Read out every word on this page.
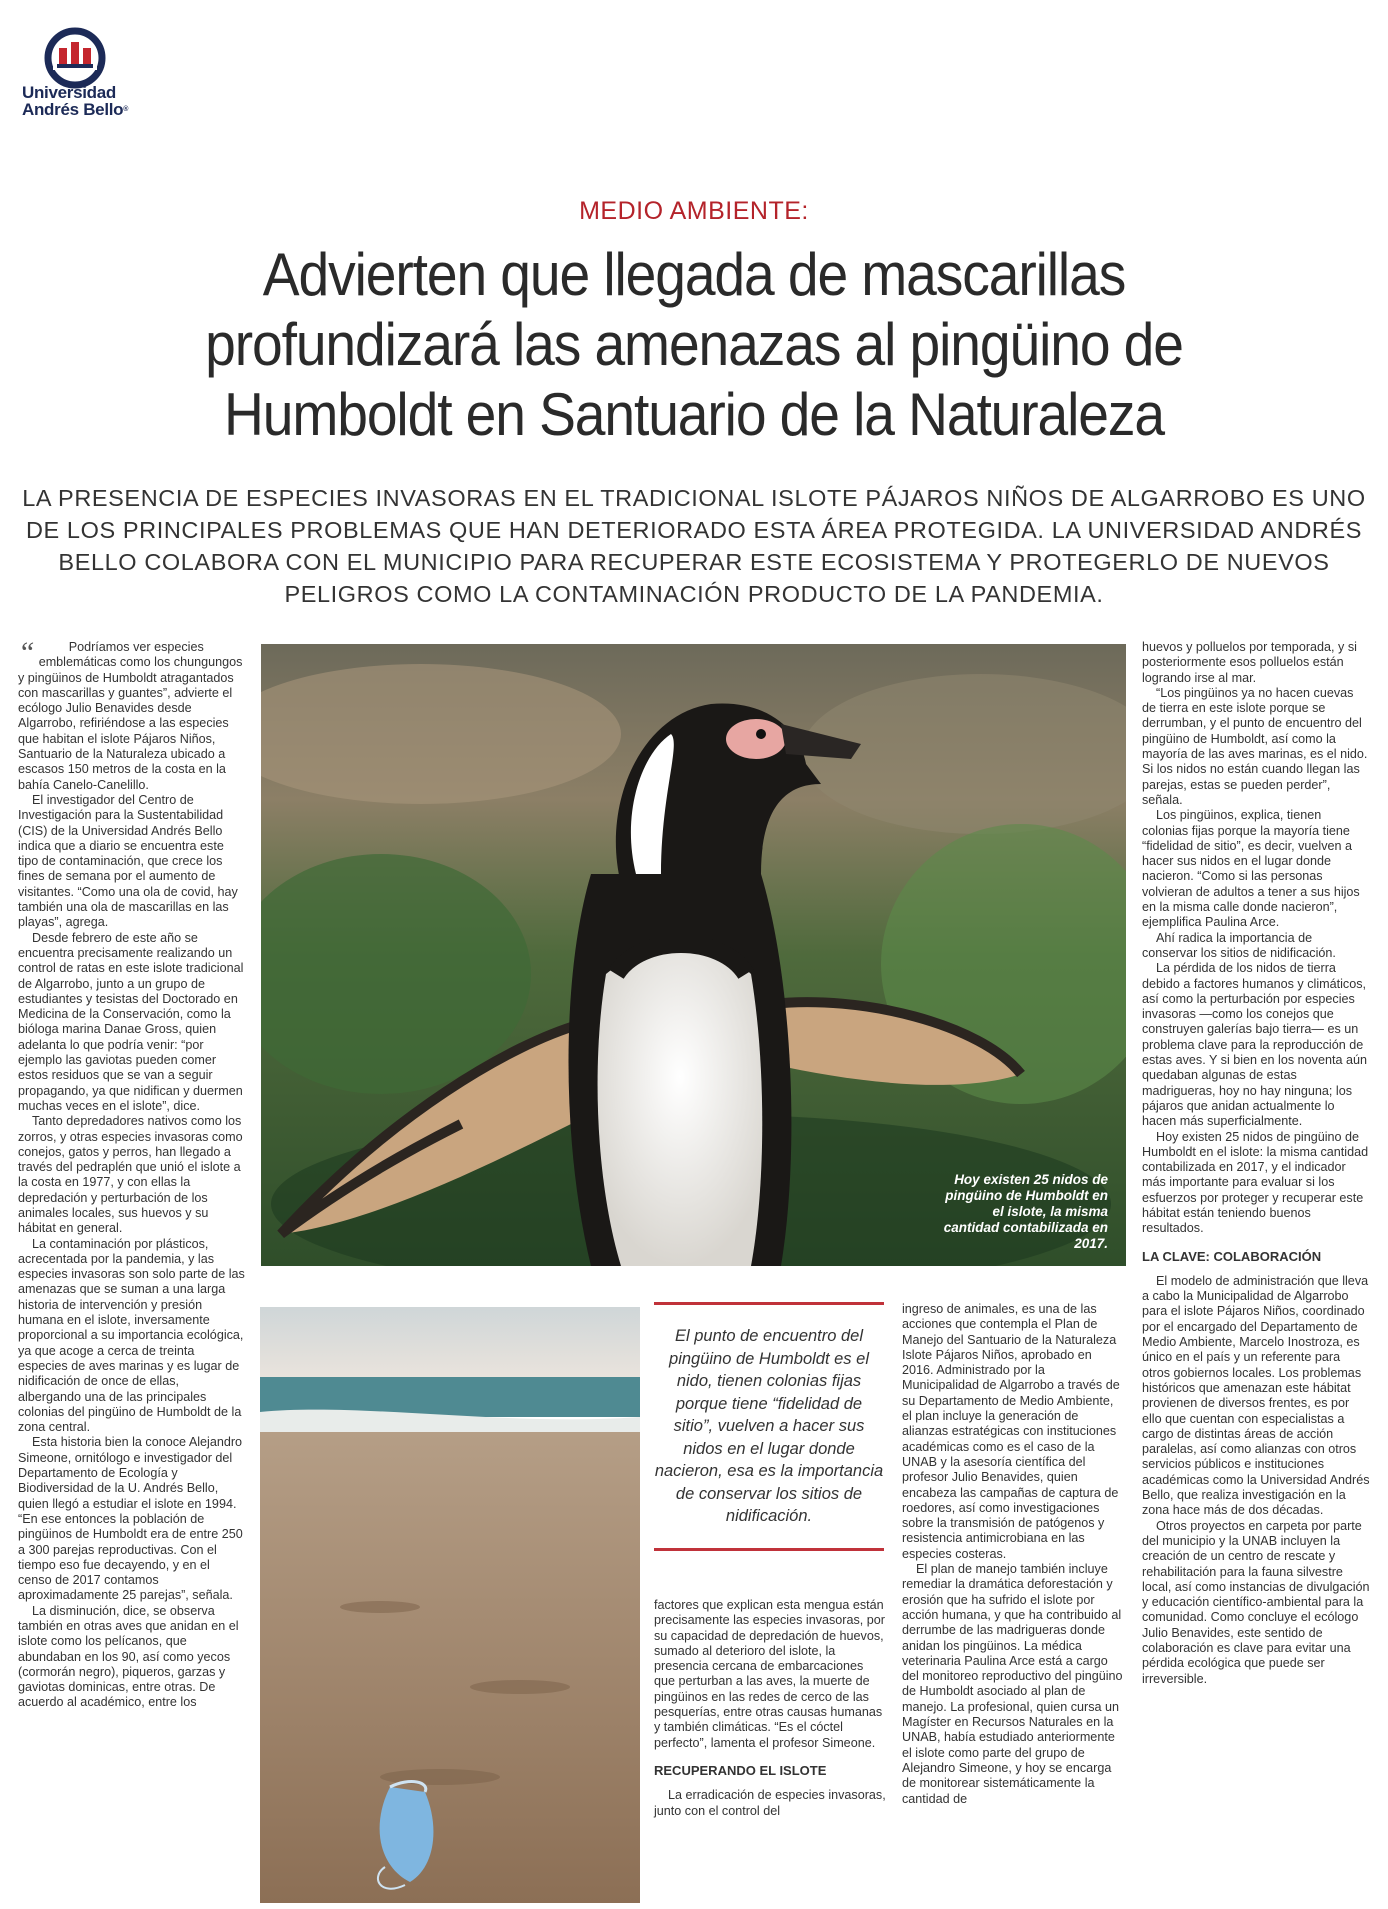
Universidad
Andrés Bello®
MEDIO AMBIENTE:
Advierten que llegada de mascarillas
profundizará las amenazas al pingüino de
Humboldt en Santuario de la Naturaleza
LA PRESENCIA DE ESPECIES INVASORAS EN EL TRADICIONAL ISLOTE PÁJAROS NIÑOS DE ALGARROBO ES UNO
DE LOS PRINCIPALES PROBLEMAS QUE HAN DETERIORADO ESTA ÁREA PROTEGIDA. LA UNIVERSIDAD ANDRÉS
BELLO COLABORA CON EL MUNICIPIO PARA RECUPERAR ESTE ECOSISTEMA Y PROTEGERLO DE NUEVOS
PELIGROS COMO LA CONTAMINACIÓN PRODUCTO DE LA PANDEMIA.
“	Podríamos ver especies emblemáticas como los chungungos y pingüinos de Humboldt atragantados con mascarillas y guantes”, advierte el ecólogo Julio Benavides desde Algarrobo, refiriéndose a las especies que habitan el islote Pájaros Niños, Santuario de la Naturaleza ubicado a escasos 150 metros de la costa en la bahía Canelo-Canelillo.

El investigador del Centro de Investigación para la Sustentabilidad (CIS) de la Universidad Andrés Bello indica que a diario se encuentra este tipo de contaminación, que crece los fines de semana por el aumento de visitantes. “Como una ola de covid, hay también una ola de mascarillas en las playas”, agrega.

Desde febrero de este año se encuentra precisamente realizando un control de ratas en este islote tradicional de Algarrobo, junto a un grupo de estudiantes y tesistas del Doctorado en Medicina de la Conservación, como la bióloga marina Danae Gross, quien adelanta lo que podría venir: “por ejemplo las gaviotas pueden comer estos residuos que se van a seguir propagando, ya que nidifican y duermen muchas veces en el islote”, dice.

Tanto depredadores nativos como los zorros, y otras especies invasoras como conejos, gatos y perros, han llegado a través del pedraplén que unió el islote a la costa en 1977, y con ellas la depredación y perturbación de los animales locales, sus huevos y su hábitat en general.

La contaminación por plásticos, acrecentada por la pandemia, y las especies invasoras son solo parte de las amenazas que se suman a una larga historia de intervención y presión humana en el islote, inversamente proporcional a su importancia ecológica, ya que acoge a cerca de treinta especies de aves marinas y es lugar de nidificación de once de ellas, albergando una de las principales colonias del pingüino de Humboldt de la zona central.

Esta historia bien la conoce Alejandro Simeone, ornitólogo e investigador del Departamento de Ecología y Biodiversidad de la U. Andrés Bello, quien llegó a estudiar el islote en 1994. “En ese entonces la población de pingüinos de Humboldt era de entre 250 a 300 parejas reproductivas. Con el tiempo eso fue decayendo, y en el censo de 2017 contamos aproximadamente 25 parejas”, señala.

La disminución, dice, se observa también en otras aves que anidan en el islote como los pelícanos, que abundaban en los 90, así como yecos (cormorán negro), piqueros, garzas y gaviotas dominicas, entre otras. De acuerdo al académico, entre los

Hoy existen 25 nidos de pingüino de Humboldt en el islote, la misma cantidad contabilizada en 2017.
El punto de encuentro del pingüino de Humboldt es el nido, tienen colonias fijas porque tiene “fidelidad de sitio”, vuelven a hacer sus nidos en el lugar donde nacieron, esa es la importancia de conservar los sitios de nidificación.

factores que explican esta mengua están precisamente las especies invasoras, por su capacidad de depredación de huevos, sumado al deterioro del islote, la presencia cercana de embarcaciones que perturban a las aves, la muerte de pingüinos en las redes de cerco de las pesquerías, entre otras causas humanas y también climáticas. “Es el cóctel perfecto”, lamenta el profesor Simeone.

RECUPERANDO EL ISLOTE

La erradicación de especies invasoras, junto con el control del

ingreso de animales, es una de las acciones que contempla el Plan de Manejo del Santuario de la Naturaleza Islote Pájaros Niños, aprobado en 2016. Administrado por la Municipalidad de Algarrobo a través de su Departamento de Medio Ambiente, el plan incluye la generación de alianzas estratégicas con instituciones académicas como es el caso de la UNAB y la asesoría científica del profesor Julio Benavides, quien encabeza las campañas de captura de roedores, así como investigaciones sobre la transmisión de patógenos y resistencia antimicrobiana en las especies costeras.

El plan de manejo también incluye remediar la dramática deforestación y erosión que ha sufrido el islote por acción humana, y que ha contribuido al derrumbe de las madrigueras donde anidan los pingüinos. La médica veterinaria Paulina Arce está a cargo del monitoreo reproductivo del pingüino de Humboldt asociado al plan de manejo. La profesional, quien cursa un Magíster en Recursos Naturales en la UNAB, había estudiado anteriormente el islote como parte del grupo de Alejandro Simeone, y hoy se encarga de monitorear sistemáticamente la cantidad de

huevos y polluelos por temporada, y si posteriormente esos polluelos están logrando irse al mar.

“Los pingüinos ya no hacen cuevas de tierra en este islote porque se derrumban, y el punto de encuentro del pingüino de Humboldt, así como la mayoría de las aves marinas, es el nido. Si los nidos no están cuando llegan las parejas, estas se pueden perder”, señala.

Los pingüinos, explica, tienen colonias fijas porque la mayoría tiene “fidelidad de sitio”, es decir, vuelven a hacer sus nidos en el lugar donde nacieron. “Como si las personas volvieran de adultos a tener a sus hijos en la misma calle donde nacieron”, ejemplifica Paulina Arce.

Ahí radica la importancia de conservar los sitios de nidificación.

La pérdida de los nidos de tierra debido a factores humanos y climáticos, así como la perturbación por especies invasoras —como los conejos que construyen galerías bajo tierra— es un problema clave para la reproducción de estas aves. Y si bien en los noventa aún quedaban algunas de estas madrigueras, hoy no hay ninguna; los pájaros que anidan actualmente lo hacen más superficialmente.

Hoy existen 25 nidos de pingüino de Humboldt en el islote: la misma cantidad contabilizada en 2017, y el indicador más importante para evaluar si los esfuerzos por proteger y recuperar este hábitat están teniendo buenos resultados.

LA CLAVE: COLABORACIÓN

El modelo de administración que lleva a cabo la Municipalidad de Algarrobo para el islote Pájaros Niños, coordinado por el encargado del Departamento de Medio Ambiente, Marcelo Inostroza, es único en el país y un referente para otros gobiernos locales. Los problemas históricos que amenazan este hábitat provienen de diversos frentes, es por ello que cuentan con especialistas a cargo de distintas áreas de acción paralelas, así como alianzas con otros servicios públicos e instituciones académicas como la Universidad Andrés Bello, que realiza investigación en la zona hace más de dos décadas.

Otros proyectos en carpeta por parte del municipio y la UNAB incluyen la creación de un centro de rescate y rehabilitación para la fauna silvestre local, así como instancias de divulgación y educación científico-ambiental para la comunidad. Como concluye el ecólogo Julio Benavides, este sentido de colaboración es clave para evitar una pérdida ecológica que puede ser irreversible.
